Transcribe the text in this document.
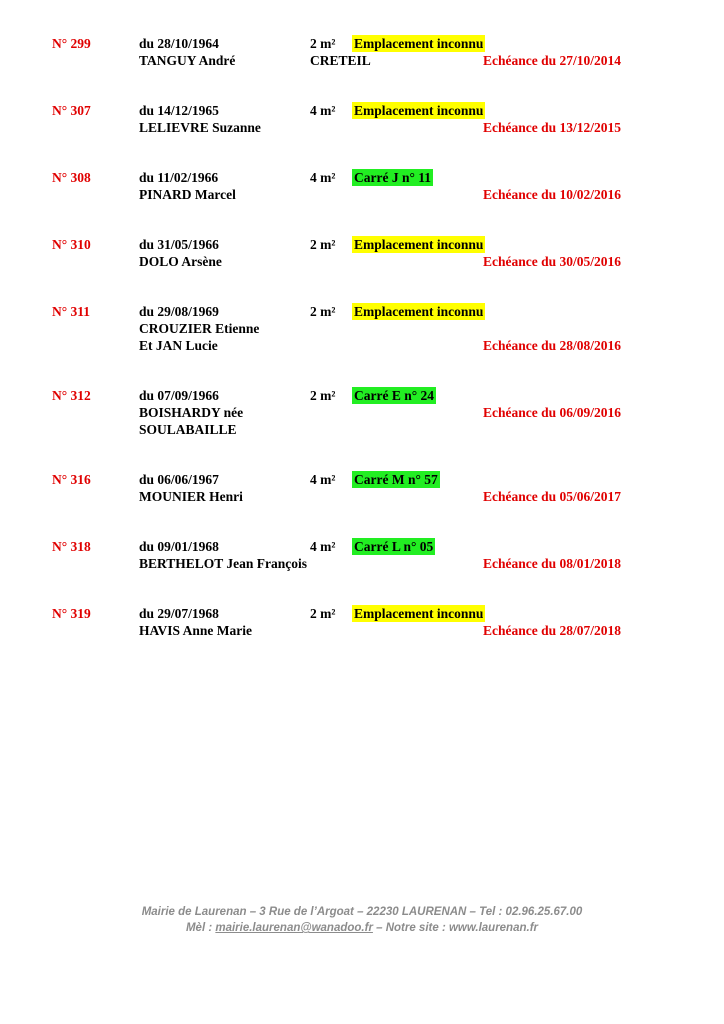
N° 299	du 28/10/1964	2 m² Emplacement inconnu
TANGUY André	CRETEIL	Echéance du 27/10/2014
N° 307	du 14/12/1965	4 m² Emplacement inconnu
LELIEVRE Suzanne	Echéance du 13/12/2015
N° 308	du 11/02/1966	4 m² Carré J n° 11
PINARD Marcel	Echéance du 10/02/2016
N° 310	du 31/05/1966	2 m² Emplacement inconnu
DOLO Arsène	Echéance du 30/05/2016
N° 311	du 29/08/1969	2 m² Emplacement inconnu
CROUZIER Etienne
Et JAN Lucie	Echéance du 28/08/2016
N° 312	du 07/09/1966	2 m² Carré E n° 24
BOISHARDY née
SOULABAILLE
Echéance du 06/09/2016
N° 316	du 06/06/1967	4 m² Carré M n° 57
MOUNIER Henri	Echéance du 05/06/2017
N° 318	du 09/01/1968	4 m² Carré L n° 05
BERTHELOT Jean François	Echéance du 08/01/2018
N° 319	du 29/07/1968	2 m² Emplacement inconnu
HAVIS Anne Marie	Echéance du 28/07/2018
Mairie de Laurenan – 3 Rue de l’Argoat – 22230 LAURENAN – Tel : 02.96.25.67.00
Mèl : mairie.laurenan@wanadoo.fr – Notre site : www.laurenan.fr
